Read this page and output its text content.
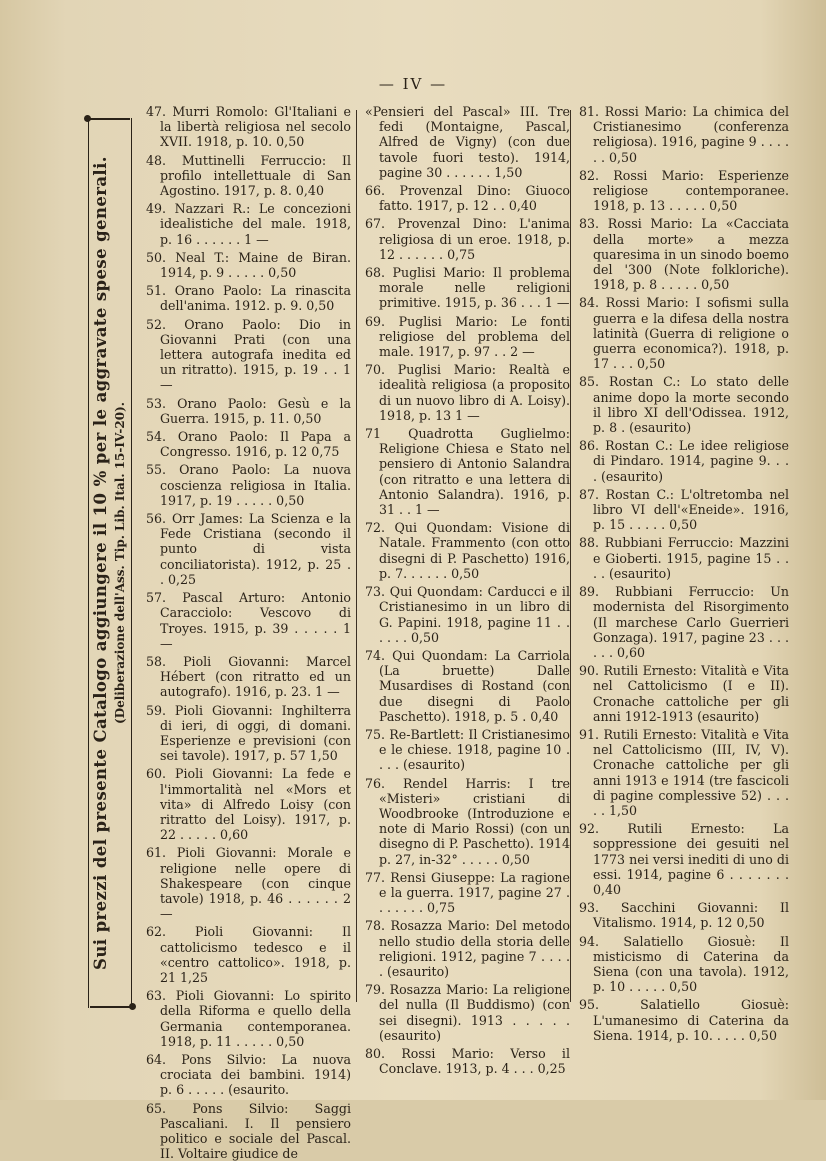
— IV —
Sui prezzi del presente Catalogo aggiungere il 10 % per le aggravate spese generali. (Deliberazione dell'Ass. Tip. Lib. Ital. 15-IV-20).

47. Murri Romolo: Gl'Italiani e la libertà religiosa nel secolo XVII. 1918, p. 10. 0,50

48. Muttinelli Ferruccio: Il profilo intellettuale di San Agostino. 1917, p. 8. 0,40

49. Nazzari R.: Le concezioni idealistiche del male. 1918, p. 16 . . . . . . 1 —

50. Neal T.: Maine de Biran. 1914, p. 9 . . . . . 0,50

51. Orano Paolo: La rinascita dell'anima. 1912. p. 9. 0,50

52. Orano Paolo: Dio in Giovanni Prati (con una lettera autografa inedita ed un ritratto). 1915, p. 19 . . 1 —

53. Orano Paolo: Gesù e la Guerra. 1915, p. 11. 0,50

54. Orano Paolo: Il Papa a Congresso. 1916, p. 12 0,75

55. Orano Paolo: La nuova coscienza religiosa in Italia. 1917, p. 19 . . . . . 0,50

56. Orr James: La Scienza e la Fede Cristiana (secondo il punto di vista conciliatorista). 1912, p. 25 . . 0,25

57. Pascal Arturo: Antonio Caracciolo: Vescovo di Troyes. 1915, p. 39 . . . . . 1 —

58. Pioli Giovanni: Marcel Hébert (con ritratto ed un autografo). 1916, p. 23. 1 —

59. Pioli Giovanni: Inghilterra di ieri, di oggi, di domani. Esperienze e previsioni (con sei tavole). 1917, p. 57 1,50

60. Pioli Giovanni: La fede e l'immortalità nel «Mors et vita» di Alfredo Loisy (con ritratto del Loisy). 1917, p. 22 . . . . . 0,60

61. Pioli Giovanni: Morale e religione nelle opere di Shakespeare (con cinque tavole) 1918, p. 46 . . . . . . 2 —

62. Pioli Giovanni: Il cattolicismo tedesco e il «centro cattolico». 1918, p. 21 1,25

63. Pioli Giovanni: Lo spirito della Riforma e quello della Germania contemporanea. 1918, p. 11 . . . . . 0,50

64. Pons Silvio: La nuova crociata dei bambini. 1914) p. 6 . . . . . (esaurito.

65. Pons Silvio: Saggi Pascaliani. I. Il pensiero politico e sociale del Pascal. II. Voltaire giudice de

«Pensieri del Pascal» III. Tre fedi (Montaigne, Pascal, Alfred de Vigny) (con due tavole fuori testo). 1914, pagine 30 . . . . . . 1,50

66. Provenzal Dino: Giuoco fatto. 1917, p. 12 . . 0,40

67. Provenzal Dino: L'anima religiosa di un eroe. 1918, p. 12 . . . . . . 0,75

68. Puglisi Mario: Il problema morale nelle religioni primitive. 1915, p. 36 . . . 1 —

69. Puglisi Mario: Le fonti religiose del problema del male. 1917, p. 97 . . 2 —

70. Puglisi Mario: Realtà e idealità religiosa (a proposito di un nuovo libro di A. Loisy). 1918, p. 13 1 —

71 Quadrotta Guglielmo: Religione Chiesa e Stato nel pensiero di Antonio Salandra (con ritratto e una lettera di Antonio Salandra). 1916, p. 31 . . 1 —

72. Qui Quondam: Visione di Natale. Frammento (con otto disegni di P. Paschetto) 1916, p. 7. . . . . . 0,50

73. Qui Quondam: Carducci e il Cristianesimo in un libro di G. Papini. 1918, pagine 11 . . . . . . 0,50

74. Qui Quondam: La Carriola (La bruette) Dalle Musardises di Rostand (con due disegni di Paolo Paschetto). 1918, p. 5 . 0,40

75. Re-Bartlett: Il Cristianesimo e le chiese. 1918, pagine 10 . . . . (esaurito)

76. Rendel Harris: I tre «Misteri» cristiani di Woodbrooke (Introduzione e note di Mario Rossi) (con un disegno di P. Paschetto). 1914 p. 27, in-32° . . . . . 0,50

77. Rensi Giuseppe: La ragione e la guerra. 1917, pagine 27 . . . . . . . 0,75

78. Rosazza Mario: Del metodo nello studio della storia delle religioni. 1912, pagine 7 . . . . . (esaurito)

79. Rosazza Mario: La religione del nulla (Il Buddismo) (con sei disegni). 1913 . . . . . (esaurito)

80. Rossi Mario: Verso il Conclave. 1913, p. 4 . . . 0,25

81. Rossi Mario: La chimica del Cristianesimo (conferenza religiosa). 1916, pagine 9 . . . . . . 0,50

82. Rossi Mario: Esperienze religiose contemporanee. 1918, p. 13 . . . . . 0,50

83. Rossi Mario: La «Cacciata della morte» a mezza quaresima in un sinodo boemo del '300 (Note folkloriche). 1918, p. 8 . . . . . 0,50

84. Rossi Mario: I sofismi sulla guerra e la difesa della nostra latinità (Guerra di religione o guerra economica?). 1918, p. 17 . . . 0,50

85. Rostan C.: Lo stato delle anime dopo la morte secondo il libro XI dell'Odissea. 1912, p. 8 . (esaurito)

86. Rostan C.: Le idee religiose di Pindaro. 1914, pagine 9. . . . (esaurito)

87. Rostan C.: L'oltretomba nel libro VI dell'«Eneide». 1916, p. 15 . . . . . 0,50

88. Rubbiani Ferruccio: Mazzini e Gioberti. 1915, pagine 15 . . . . (esaurito)

89. Rubbiani Ferruccio: Un modernista del Risorgimento (Il marchese Carlo Guerrieri Gonzaga). 1917, pagine 23 . . . . . . 0,60

90. Rutili Ernesto: Vitalità e Vita nel Cattolicismo (I e II). Cronache cattoliche per gli anni 1912-1913 (esaurito)

91. Rutili Ernesto: Vitalità e Vita nel Cattolicismo (III, IV, V). Cronache cattoliche per gli anni 1913 e 1914 (tre fascicoli di pagine complessive 52) . . . . . 1,50

92. Rutili Ernesto: La soppressione dei gesuiti nel 1773 nei versi inediti di uno di essi. 1914, pagine 6 . . . . . . . 0,40

93. Sacchini Giovanni: Il Vitalismo. 1914, p. 12 0,50

94. Salatiello Giosuè: Il misticismo di Caterina da Siena (con una tavola). 1912, p. 10 . . . . . 0,50

95.	Salatiello Giosuè: L'umanesimo di Caterina da Siena. 1914, p. 10. . . . . 0,50
